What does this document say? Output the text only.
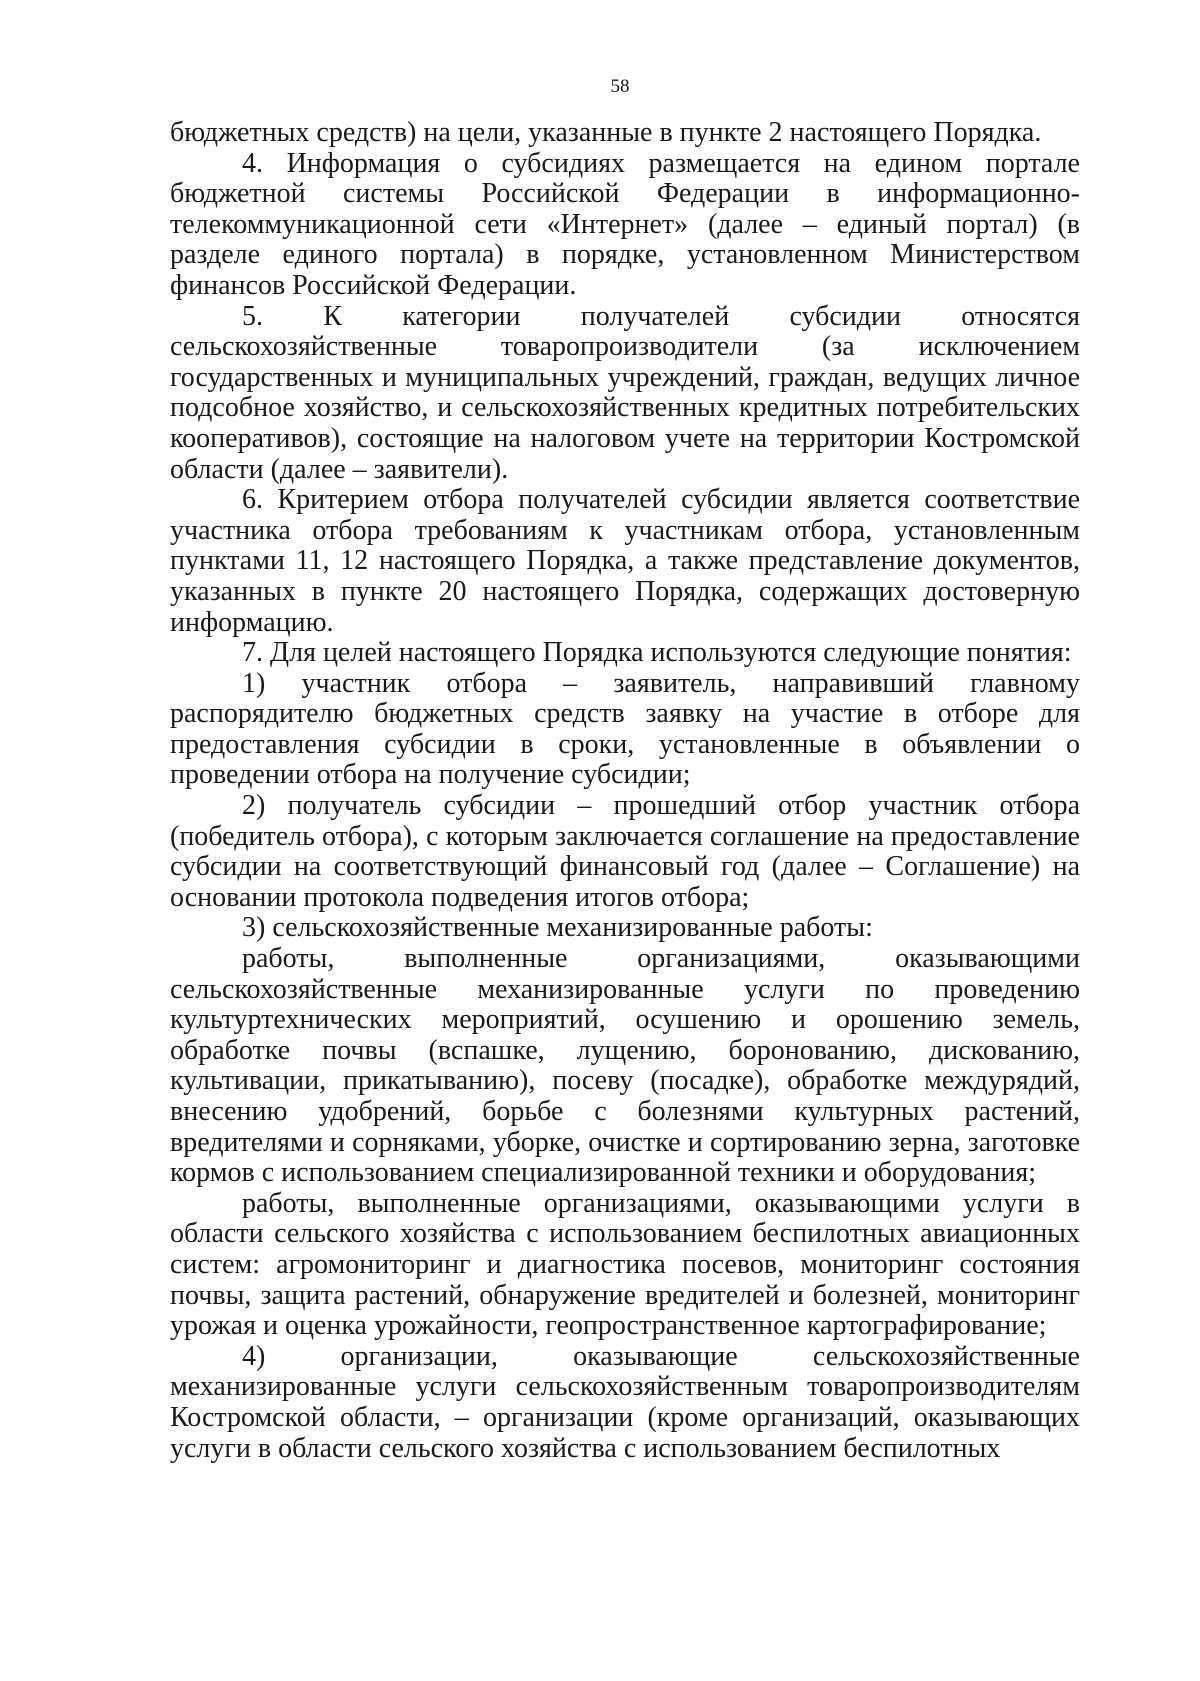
58

бюджетных средств) на цели, указанные в пункте 2 настоящего Порядка.

4. Информация о субсидиях размещается на едином портале бюджетной системы Российской Федерации в информационно-телекоммуникационной сети «Интернет» (далее – единый портал) (в разделе единого портала) в порядке, установленном Министерством финансов Российской Федерации.

5. К категории получателей субсидии относятся сельскохозяйственные товаропроизводители (за исключением государственных и муниципальных учреждений, граждан, ведущих личное подсобное хозяйство, и сельскохозяйственных кредитных потребительских кооперативов), состоящие на налоговом учете на территории Костромской области (далее – заявители).

6. Критерием отбора получателей субсидии является соответствие участника отбора требованиям к участникам отбора, установленным пунктами 11, 12 настоящего Порядка, а также представление документов, указанных в пункте 20 настоящего Порядка, содержащих достоверную информацию.

7. Для целей настоящего Порядка используются следующие понятия:

1) участник отбора – заявитель, направивший главному распорядителю бюджетных средств заявку на участие в отборе для предоставления субсидии в сроки, установленные в объявлении о проведении отбора на получение субсидии;

2) получатель субсидии – прошедший отбор участник отбора (победитель отбора), с которым заключается соглашение на предоставление субсидии на соответствующий финансовый год (далее – Соглашение) на основании протокола подведения итогов отбора;

3) сельскохозяйственные механизированные работы:

работы, выполненные организациями, оказывающими сельскохозяйственные механизированные услуги по проведению культуртехнических мероприятий, осушению и орошению земель, обработке почвы (вспашке, лущению, боронованию, дискованию, культивации, прикатыванию), посеву (посадке), обработке междурядий, внесению удобрений, борьбе с болезнями культурных растений, вредителями и сорняками, уборке, очистке и сортированию зерна, заготовке кормов с использованием специализированной техники и оборудования;

работы, выполненные организациями, оказывающими услуги в области сельского хозяйства с использованием беспилотных авиационных систем: агромониторинг и диагностика посевов, мониторинг состояния почвы, защита растений, обнаружение вредителей и болезней, мониторинг урожая и оценка урожайности, геопространственное картографирование;

4) организации, оказывающие сельскохозяйственные механизированные услуги сельскохозяйственным товаропроизводителям Костромской области, – организации (кроме организаций, оказывающих услуги в области сельского хозяйства с использованием беспилотных
